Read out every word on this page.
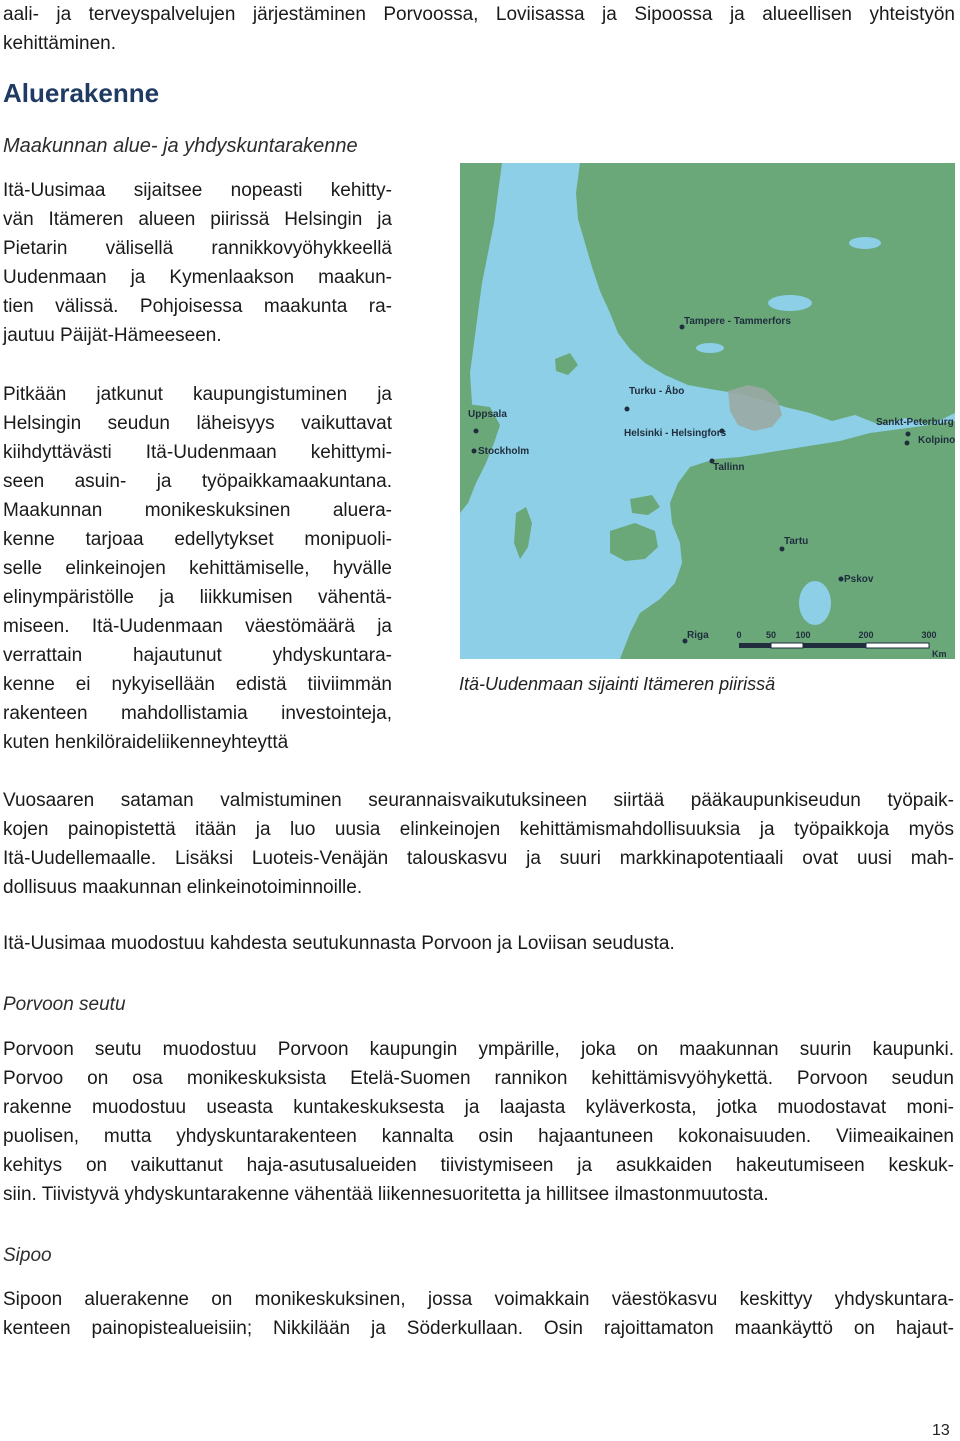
aali- ja terveyspalvelujen järjestäminen Porvoossa, Loviisassa ja Sipoossa ja alueellisen yhteistyön
kehittäminen.
Aluerakenne
Maakunnan alue- ja yhdyskuntarakenne
Itä-Uusimaa sijaitsee nopeasti kehitty-
vän Itämeren alueen piirissä Helsingin ja
Pietarin välisellä rannikkovyöhykkeellä
Uudenmaan ja Kymenlaakson maakun-
tien välissä. Pohjoisessa maakunta ra-
jautuu Päijät-Hämeeseen.
Pitkään jatkunut kaupungistuminen ja
Helsingin seudun läheisyys vaikuttavat
kiihdyttävästi Itä-Uudenmaan kehittymi-
seen asuin- ja työpaikkamaakuntana.
Maakunnan monikeskuksinen aluera-
kenne tarjoaa edellytykset monipuoli-
selle elinkeinojen kehittämiselle, hyvälle
elinympäristölle ja liikkumisen vähentä-
miseen. Itä-Uudenmaan väestömäärä ja
verrattain hajautunut yhdyskuntara-
kenne ei nykyisellään edistä tiiviimmän
rakenteen mahdollistamia investointeja,
kuten henkilöraideliikenneyhteyttä
Tampere - Tammerfors
Turku - Åbo
Uppsala
Stockholm
Helsinki - Helsingfors
Tallinn
Sankt-Peterburg
Kolpino
Tartu
Pskov
Riga	0	50 100	200	300
Km
Itä-Uudenmaan sijainti Itämeren piirissä
Vuosaaren sataman valmistuminen seurannaisvaikutuksineen siirtää pääkaupunkiseudun työpaik-
kojen painopistettä itään ja luo uusia elinkeinojen kehittämismahdollisuuksia ja työpaikkoja myös
Itä-Uudellemaalle. Lisäksi Luoteis-Venäjän talouskasvu ja suuri markkinapotentiaali ovat uusi mah-
dollisuus maakunnan elinkeinotoiminnoille.
Itä-Uusimaa muodostuu kahdesta seutukunnasta Porvoon ja Loviisan seudusta.
Porvoon seutu
Porvoon seutu muodostuu Porvoon kaupungin ympärille, joka on maakunnan suurin kaupunki.
Porvoo on osa monikeskuksista Etelä-Suomen rannikon kehittämisvyöhykettä. Porvoon seudun
rakenne muodostuu useasta kuntakeskuksesta ja laajasta kyläverkosta, jotka muodostavat moni-
puolisen, mutta yhdyskuntarakenteen kannalta osin hajaantuneen kokonaisuuden. Viimeaikainen
kehitys on vaikuttanut haja-asutusalueiden tiivistymiseen ja asukkaiden hakeutumiseen keskuk-
siin. Tiivistyvä yhdyskuntarakenne vähentää liikennesuoritetta ja hillitsee ilmastonmuutosta.
Sipoo
Sipoon aluerakenne on monikeskuksinen, jossa voimakkain väestökasvu keskittyy yhdyskuntara-
kenteen painopistealueisiin; Nikkilään ja Söderkullaan. Osin rajoittamaton maankäyttö on hajaut-
13
